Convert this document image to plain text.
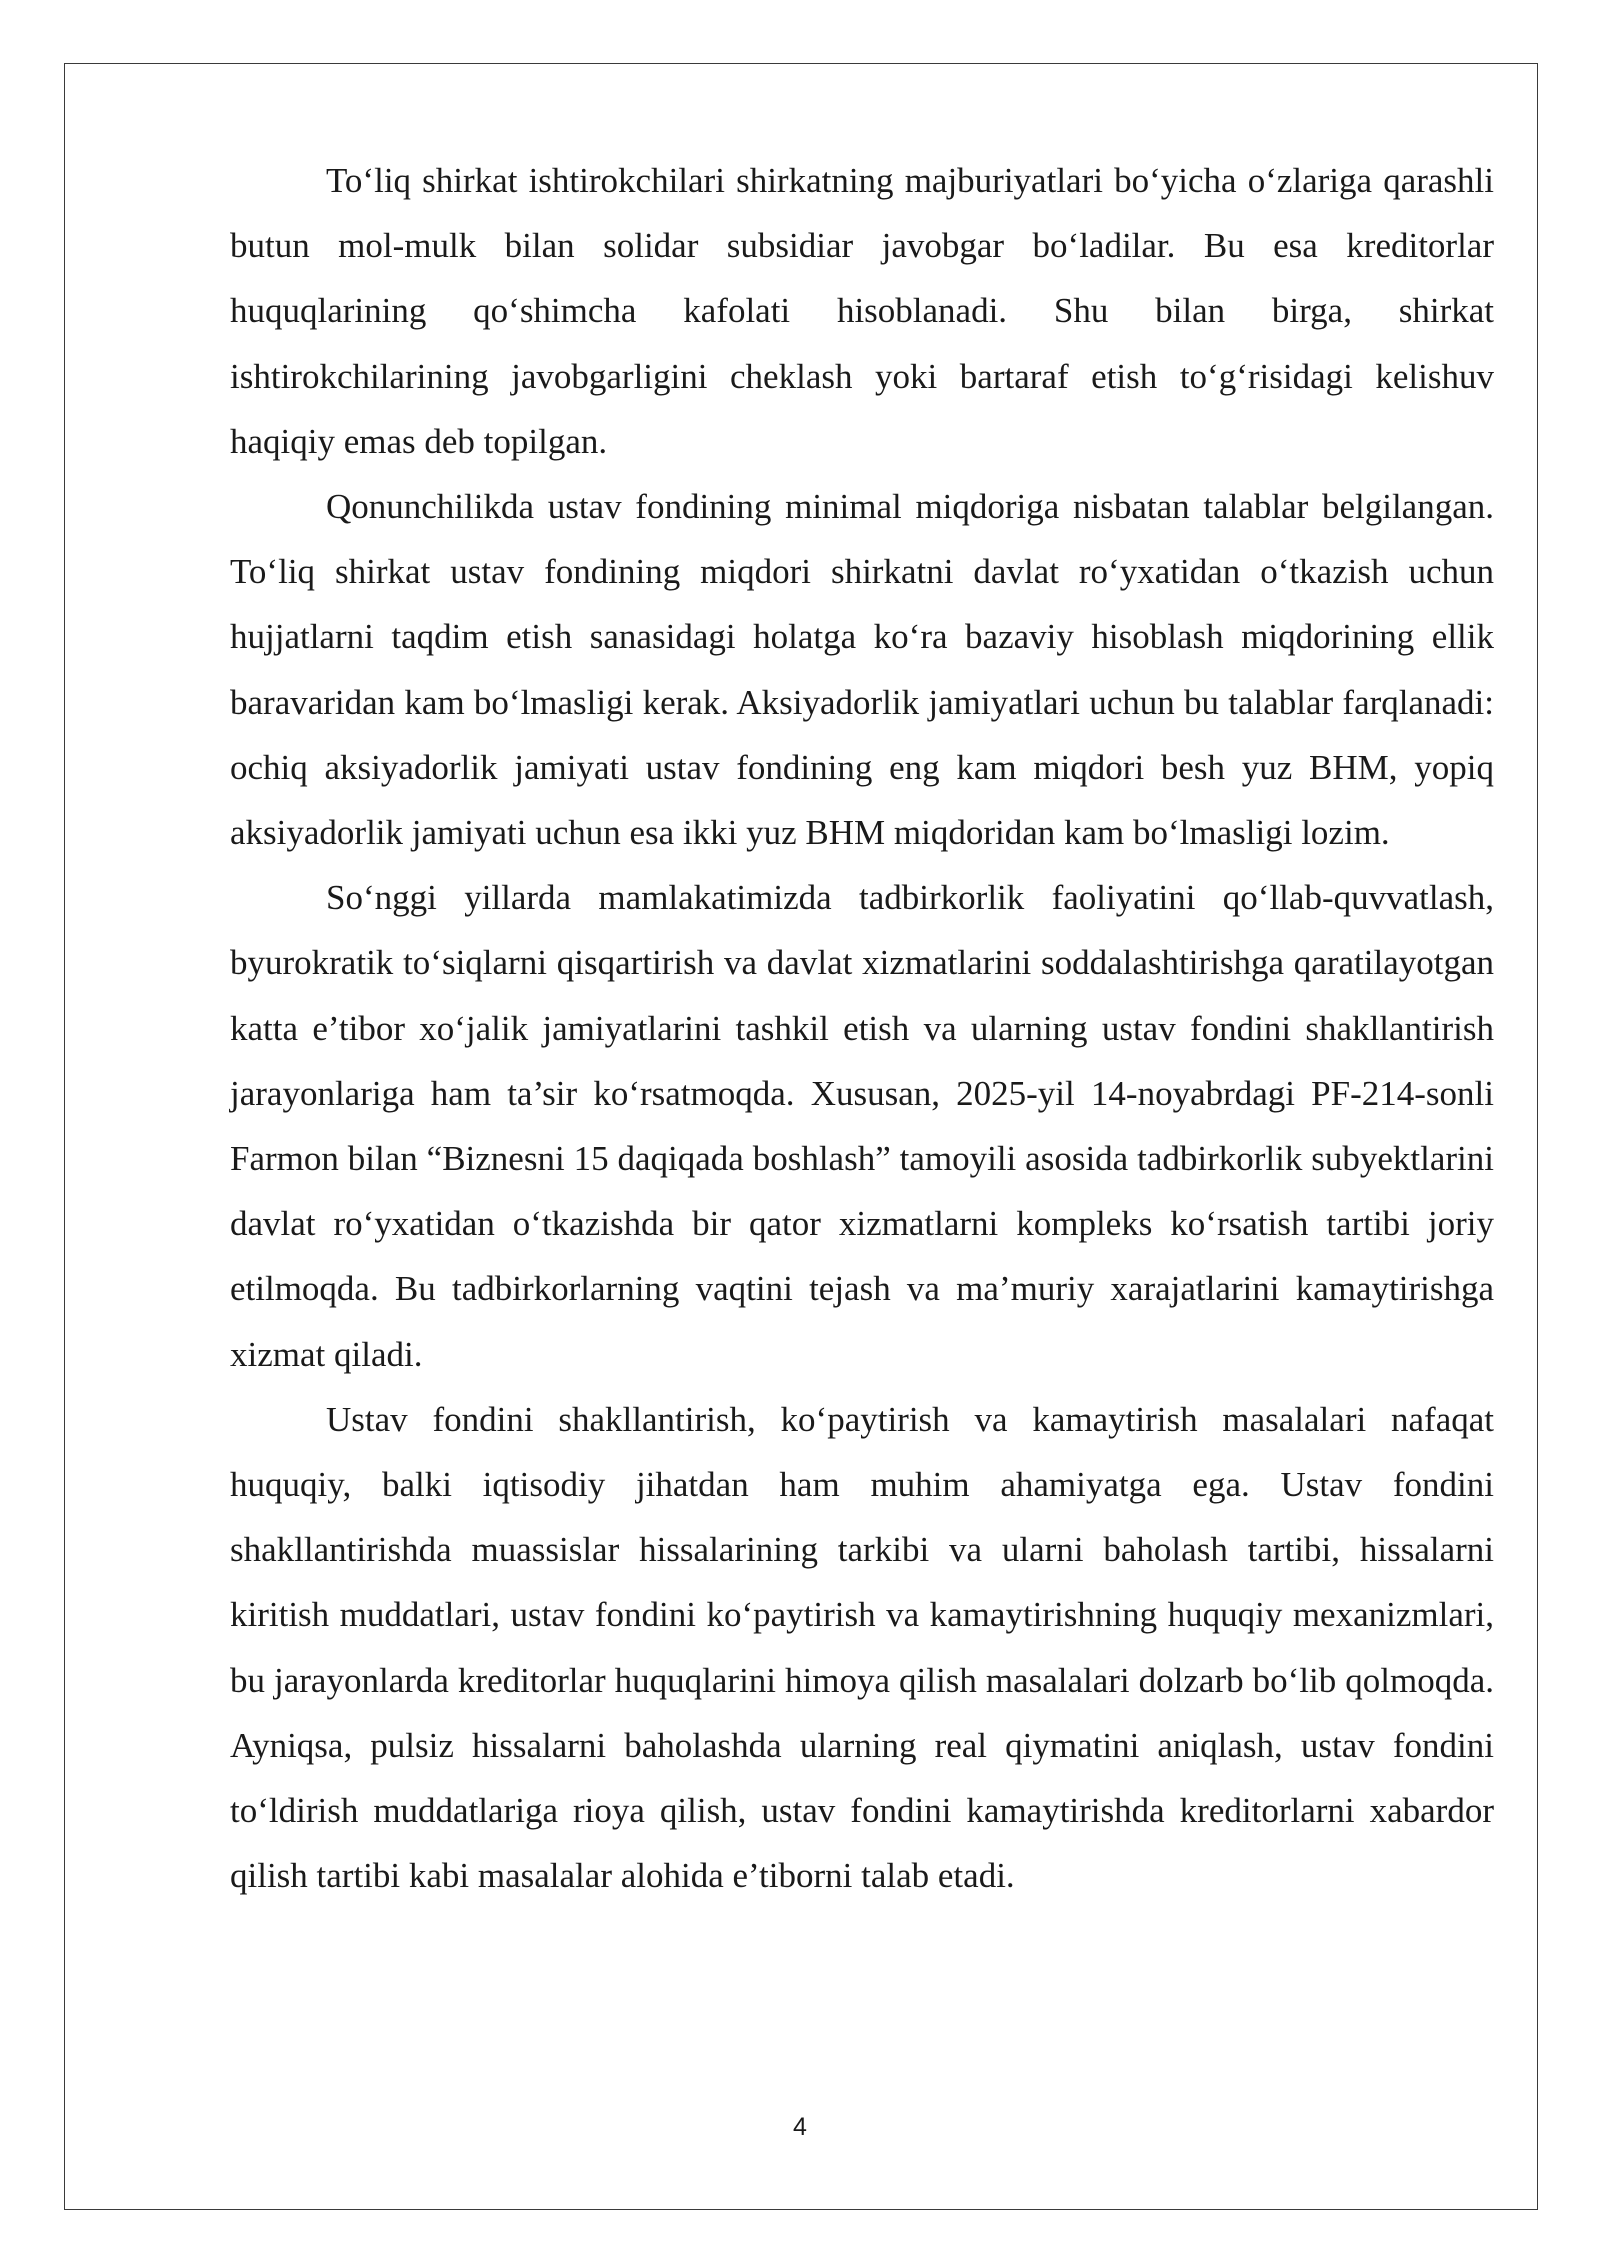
To‘liq shirkat ishtirokchilari shirkatning majburiyatlari bo‘yicha o‘zlariga qarashli butun mol-mulk bilan solidar subsidiar javobgar bo‘ladilar. Bu esa kreditorlar huquqlarining qo‘shimcha kafolati hisoblanadi. Shu bilan birga, shirkat ishtirokchilarining javobgarligini cheklash yoki bartaraf etish to‘g‘risidagi kelishuv haqiqiy emas deb topilgan.

Qonunchilikda ustav fondining minimal miqdoriga nisbatan talablar belgilangan. To‘liq shirkat ustav fondining miqdori shirkatni davlat ro‘yxatidan o‘tkazish uchun hujjatlarni taqdim etish sanasidagi holatga ko‘ra bazaviy hisoblash miqdorining ellik baravaridan kam bo‘lmasligi kerak. Aksiyadorlik jamiyatlari uchun bu talablar farqlanadi: ochiq aksiyadorlik jamiyati ustav fondining eng kam miqdori besh yuz BHM, yopiq aksiyadorlik jamiyati uchun esa ikki yuz BHM miqdoridan kam bo‘lmasligi lozim.

So‘nggi yillarda mamlakatimizda tadbirkorlik faoliyatini qo‘llab-quvvatlash, byurokratik to‘siqlarni qisqartirish va davlat xizmatlarini soddalashtirishga qaratilayotgan katta e’tibor xo‘jalik jamiyatlarini tashkil etish va ularning ustav fondini shakllantirish jarayonlariga ham ta’sir ko‘rsatmoqda. Xususan, 2025-yil 14-noyabrdagi PF-214-sonli Farmon bilan “Biznesni 15 daqiqada boshlash” tamoyili asosida tadbirkorlik subyektlarini davlat ro‘yxatidan o‘tkazishda bir qator xizmatlarni kompleks ko‘rsatish tartibi joriy etilmoqda. Bu tadbirkorlarning vaqtini tejash va ma’muriy xarajatlarini kamaytirishga xizmat qiladi.

Ustav fondini shakllantirish, ko‘paytirish va kamaytirish masalalari nafaqat huquqiy, balki iqtisodiy jihatdan ham muhim ahamiyatga ega. Ustav fondini shakllantirishda muassislar hissalarining tarkibi va ularni baholash tartibi, hissalarni kiritish muddatlari, ustav fondini ko‘paytirish va kamaytirishning huquqiy mexanizmlari, bu jarayonlarda kreditorlar huquqlarini himoya qilish masalalari dolzarb bo‘lib qolmoqda. Ayniqsa, pulsiz hissalarni baholashda ularning real qiymatini aniqlash, ustav fondini to‘ldirish muddatlariga rioya qilish, ustav fondini kamaytirishda kreditorlarni xabardor qilish tartibi kabi masalalar alohida e’tiborni talab etadi.

4
